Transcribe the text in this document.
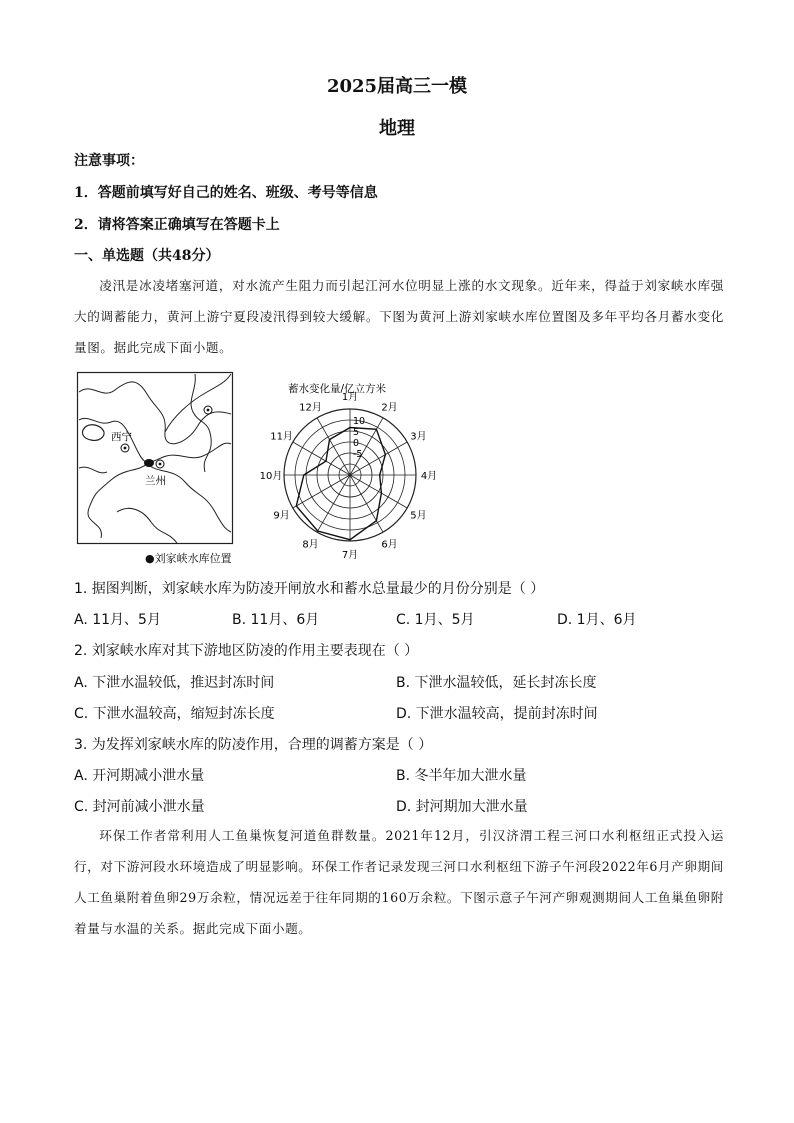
2025届高三一模
地理
注意事项：
1．答题前填写好自己的姓名、班级、考号等信息
2．请将答案正确填写在答题卡上
一、单选题（共48分）
凌汛是冰凌堵塞河道，对水流产生阻力而引起江河水位明显上涨的水文现象。近年来，得益于刘家峡水库强大的调蓄能力，黄河上游宁夏段凌汛得到较大缓解。下图为黄河上游刘家峡水库位置图及多年平均各月蓄水变化量图。据此完成下面小题。
西宁
兰州
●刘家峡水库位置
蓄水变化量/亿立方米
10
5
0
-5
1月
2月
3月
4月
5月
6月
7月
8月
9月
10月
11月
12月
1. 据图判断，刘家峡水库为防凌开闸放水和蓄水总量最少的月份分别是（ ）
A. 11月、5月	B. 11月、6月	C. 1月、5月	D. 1月、6月
2. 刘家峡水库对其下游地区防凌的作用主要表现在（ ）
A. 下泄水温较低，推迟封冻时间	B. 下泄水温较低，延长封冻长度
C. 下泄水温较高，缩短封冻长度	D. 下泄水温较高，提前封冻时间
3. 为发挥刘家峡水库的防凌作用，合理的调蓄方案是（ ）
A. 开河期减小泄水量	B. 冬半年加大泄水量
C. 封河前减小泄水量	D. 封河期加大泄水量
环保工作者常利用人工鱼巢恢复河道鱼群数量。2021年12月，引汉济渭工程三河口水利枢纽正式投入运行，对下游河段水环境造成了明显影响。环保工作者记录发现三河口水利枢纽下游子午河段2022年6月产卵期间人工鱼巢附着鱼卵29万余粒，情况远差于往年同期的160万余粒。下图示意子午河产卵观测期间人工鱼巢鱼卵附着量与水温的关系。据此完成下面小题。
